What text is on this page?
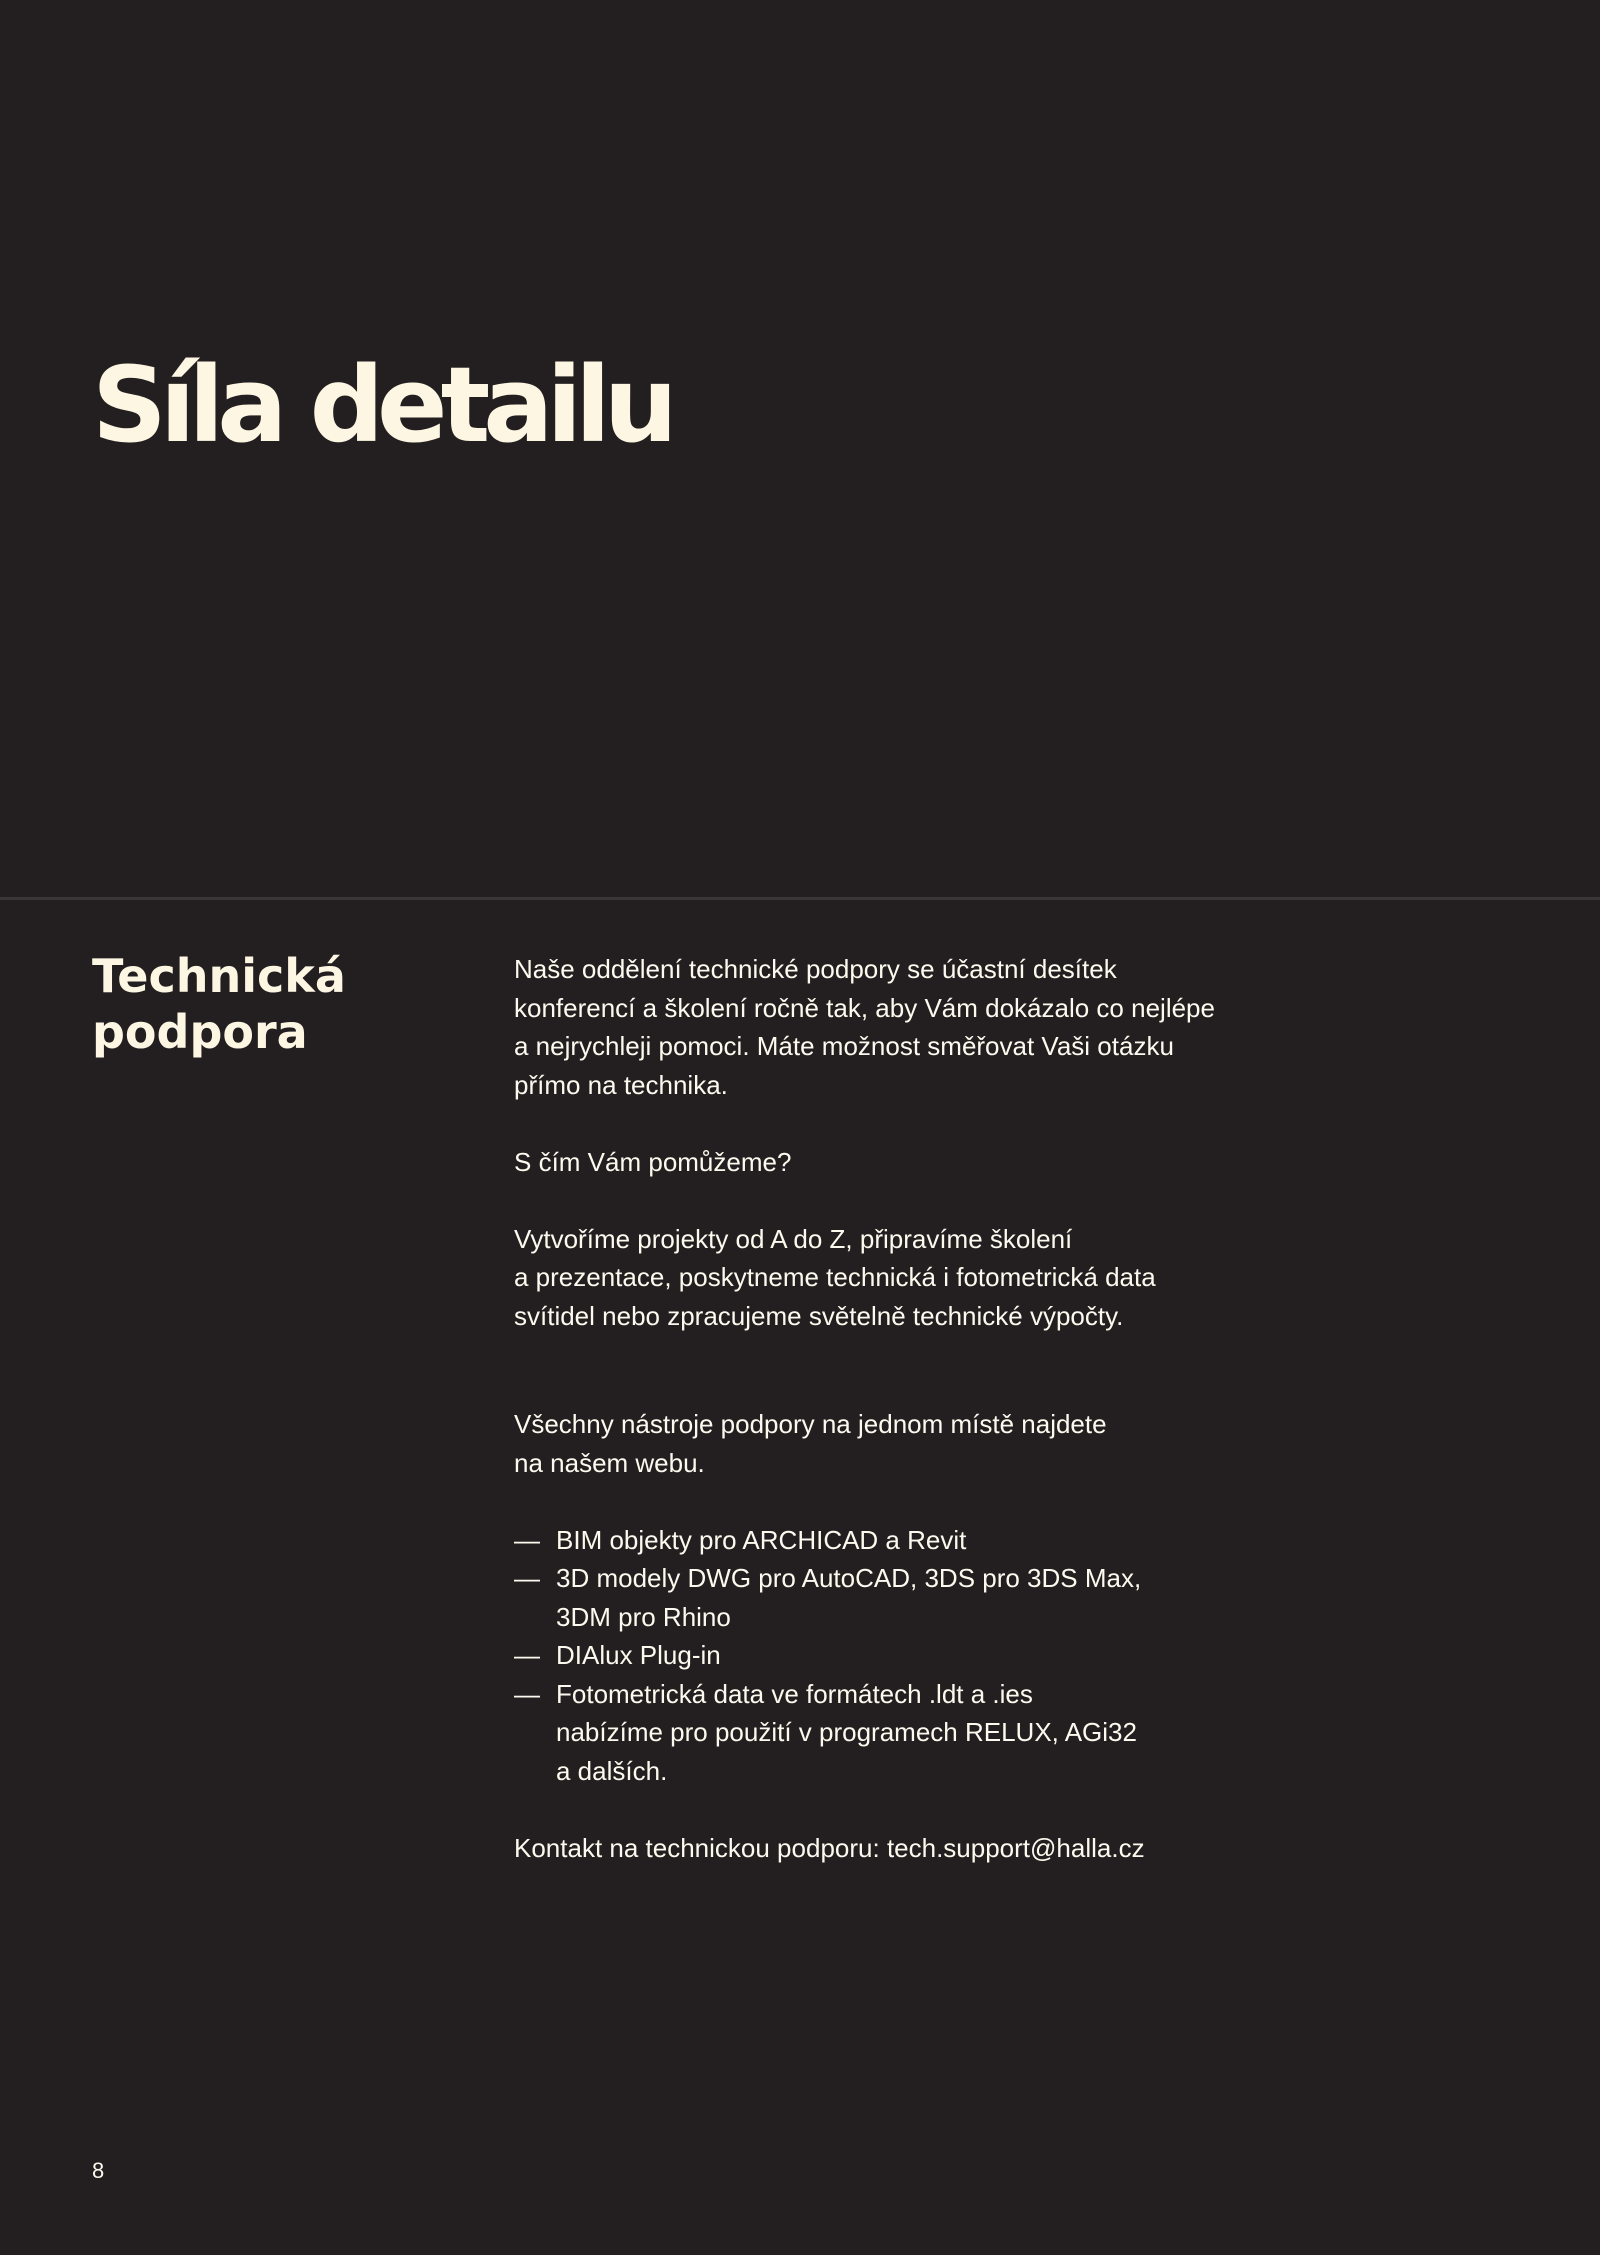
Síla detailu
Technická
podpora

Naše oddělení technické podpory se účastní desítek
konferencí a školení ročně tak, aby Vám dokázalo co nejlépe
a nejrychleji pomoci. Máte možnost směřovat Vaši otázku
přímo na technika.

S čím Vám pomůžeme?

Vytvoříme projekty od A do Z, připravíme školení
a prezentace, poskytneme technická i fotometrická data
svítidel nebo zpracujeme světelně technické výpočty.

Všechny nástroje podpory na jednom místě najdete
na našem webu.

— BIM objekty pro ARCHICAD a Revit
— 3D modely DWG pro AutoCAD, 3DS pro 3DS Max,
3DM pro Rhino
— DIAlux Plug-in
— Fotometrická data ve formátech .ldt a .ies
nabízíme pro použití v programech RELUX, AGi32
a dalších.

Kontakt na technickou podporu: tech.support@halla.cz

8
